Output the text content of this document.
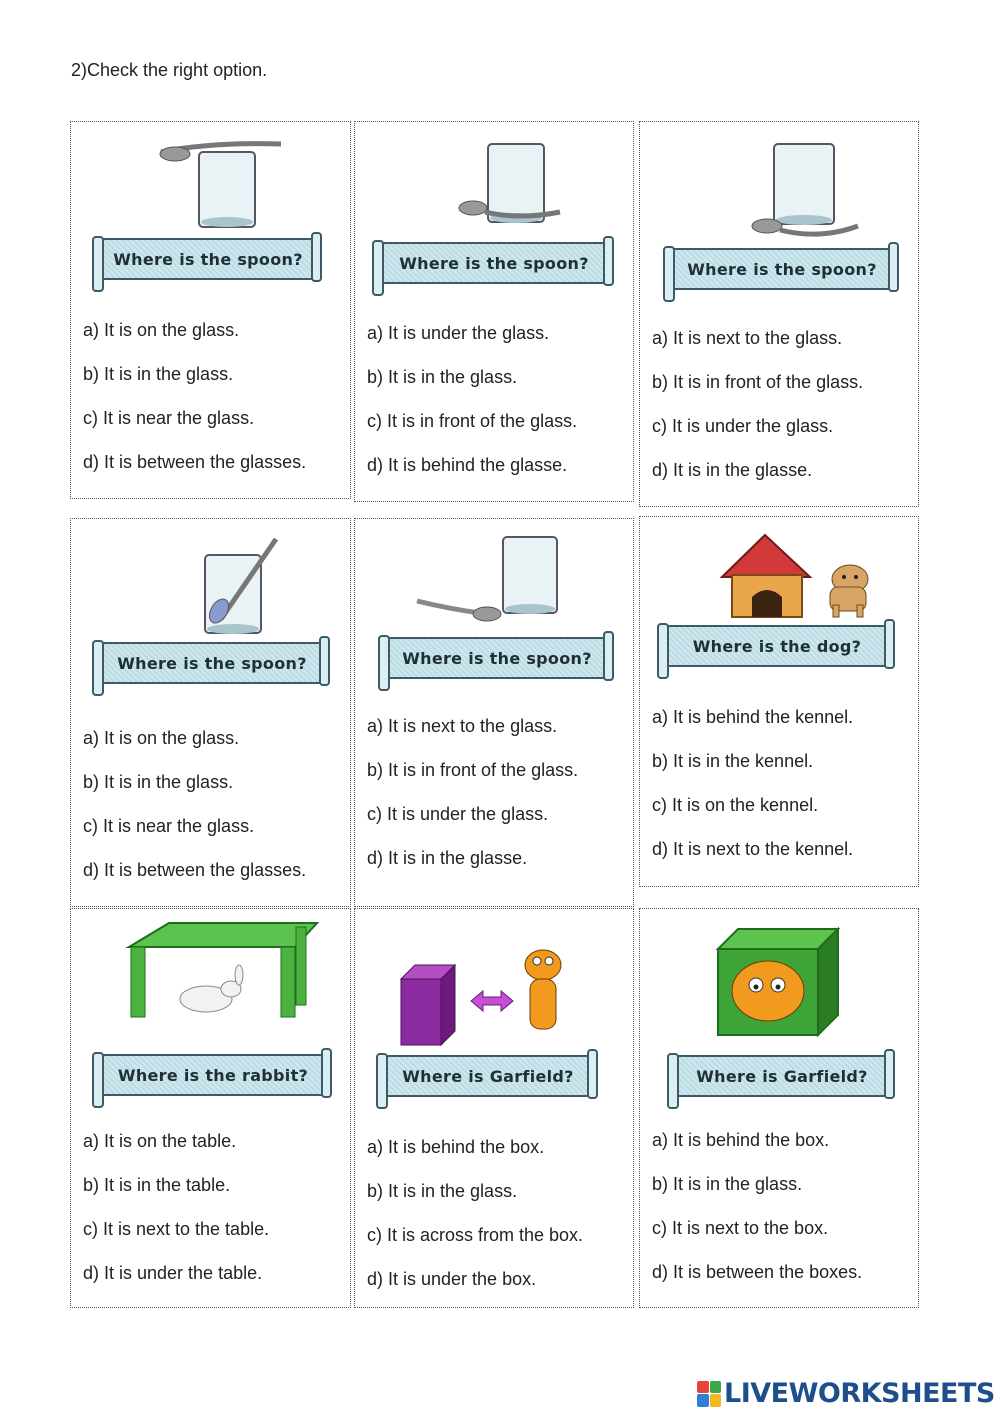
2)Check the right option.
Where is the spoon?
a) It is on the glass.
b) It is in the glass.
c) It is near the glass.
d) It is between the glasses.
Where is the spoon?
a) It is under the glass.
b) It is in the glass.
c) It is in front of the glass.
d) It is behind the glasse.
Where is the spoon?
a) It is next to the glass.
b) It is in front of the glass.
c) It is under the glass.
d) It is in the glasse.
Where is the spoon?
a) It is on the glass.
b) It is in the glass.
c) It is near the glass.
d) It is between the glasses.
Where is the spoon?
a) It is next to the glass.
b) It is in front of the glass.
c) It is under the glass.
d) It is in the glasse.
Where is the dog?
a) It is behind the kennel.
b) It is in the kennel.
c) It is on the kennel.
d) It is next to the kennel.
Where is the rabbit?
a) It is on the table.
b) It is in the table.
c) It is next to the table.
d) It is under the table.
Where is Garfield?
a) It is behind the box.
b) It is in the glass.
c) It is across from the box.
d) It is under the box.
Where is Garfield?
a) It is behind the box.
b) It is in the glass.
c) It is next to the box.
d) It is between the boxes.
LIVEWORKSHEETS
